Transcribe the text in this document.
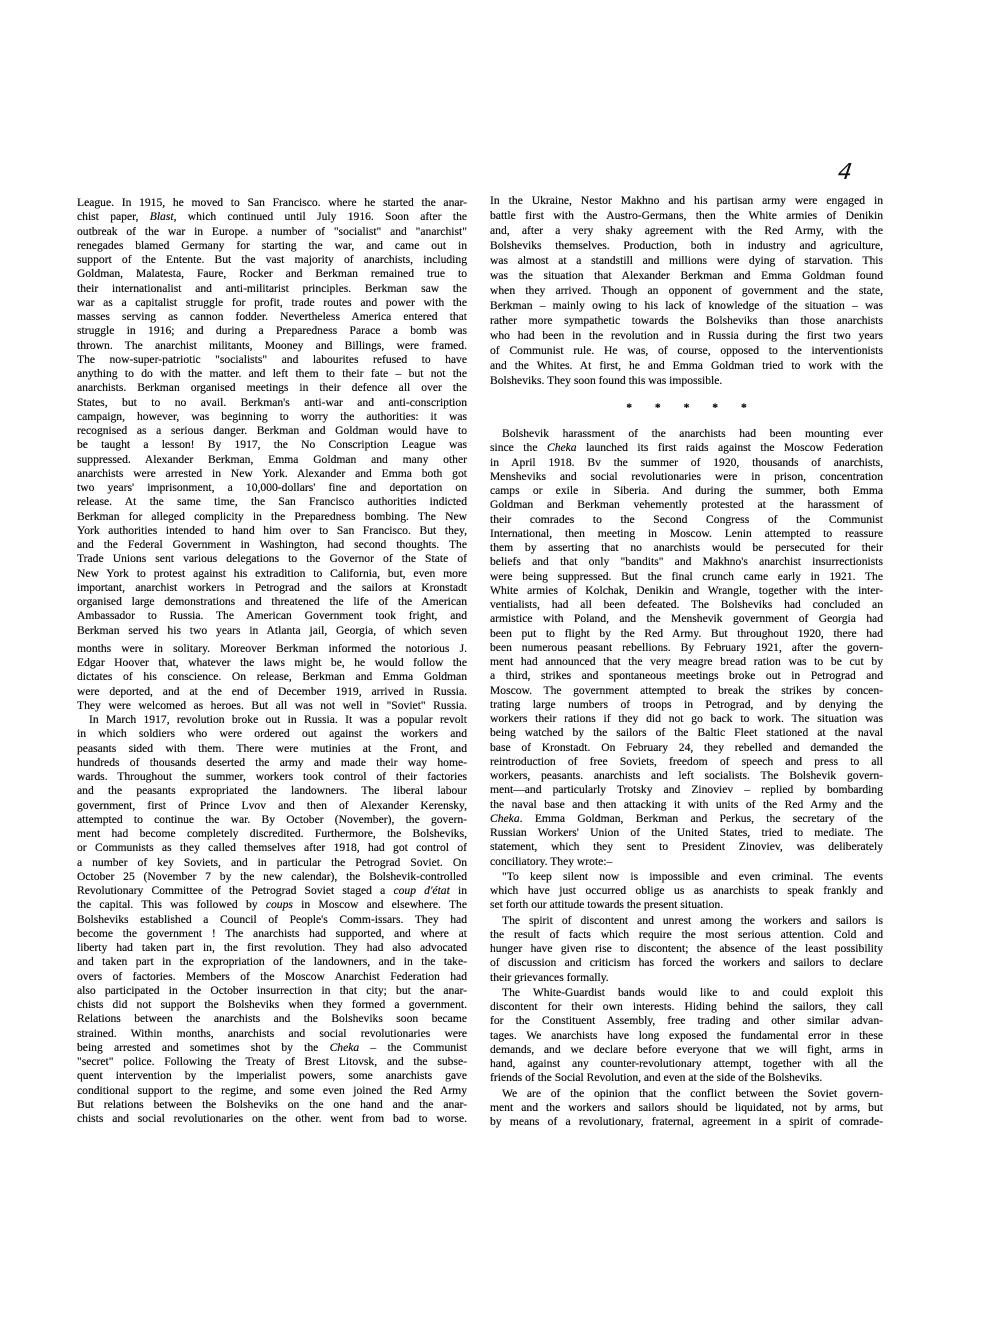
4
League. In 1915, he moved to San Francisco. where he started the anar-
chist paper, Blast, which continued until July 1916. Soon after the
outbreak of the war in Europe. a number of "socialist" and "anarchist"
renegades blamed Germany for starting the war, and came out in
support of the Entente. But the vast majority of anarchists, including
Goldman, Malatesta, Faure, Rocker and Berkman remained true to
their internationalist and anti-militarist principles. Berkman saw the
war as a capitalist struggle for profit, trade routes and power with the
masses serving as cannon fodder. Nevertheless America entered that
struggle in 1916; and during a Preparedness Parace a bomb was
thrown. The anarchist militants, Mooney and Billings, were framed.
The now-super-patriotic "socialists" and labourites refused to have
anything to do with the matter. and left them to their fate – but not the
anarchists. Berkman organised meetings in their defence all over the
States, but to no avail. Berkman's anti-war and anti-conscription
campaign, however, was beginning to worry the authorities: it was
recognised as a serious danger. Berkman and Goldman would have to
be taught a lesson! By 1917, the No Conscription League was
suppressed. Alexander Berkman, Emma Goldman and many other
anarchists were arrested in New York. Alexander and Emma both got
two years' imprisonment, a 10,000-dollars' fine and deportation on
release. At the same time, the San Francisco authorities indicted
Berkman for alleged complicity in the Preparedness bombing. The New
York authorities intended to hand him over to San Francisco. But they,
and the Federal Government in Washington, had second thoughts. The
Trade Unions sent various delegations to the Governor of the State of
New York to protest against his extradition to California, but, even more
important, anarchist workers in Petrograd and the sailors at Kronstadt
organised large demonstrations and threatened the life of the American
Ambassador to Russia. The American Government took fright, and
Berkman served his two years in Atlanta jail, Georgia, of which seven
months were in solitary. Moreover Berkman informed the notorious J.
Edgar Hoover that, whatever the laws might be, he would follow the
dictates of his conscience. On release, Berkman and Emma Goldman
were deported, and at the end of December 1919, arrived in Russia.
They were welcomed as heroes. But all was not well in "Soviet" Russia.
In March 1917, revolution broke out in Russia. It was a popular revolt
in which soldiers who were ordered out against the workers and
peasants sided with them. There were mutinies at the Front, and
hundreds of thousands deserted the army and made their way home-
wards. Throughout the summer, workers took control of their factories
and the peasants expropriated the landowners. The liberal labour
government, first of Prince Lvov and then of Alexander Kerensky,
attempted to continue the war. By October (November), the govern-
ment had become completely discredited. Furthermore, the Bolsheviks,
or Communists as they called themselves after 1918, had got control of
a number of key Soviets, and in particular the Petrograd Soviet. On
October 25 (November 7 by the new calendar), the Bolshevik-controlled
Revolutionary Committee of the Petrograd Soviet staged a coup d'état in
the capital. This was followed by coups in Moscow and elsewhere. The
Bolsheviks established a Council of People's Comm-issars. They had
become the government ! The anarchists had supported, and where at
liberty had taken part in, the first revolution. They had also advocated
and taken part in the expropriation of the landowners, and in the take-
overs of factories. Members of the Moscow Anarchist Federation had
also participated in the October insurrection in that city; but the anar-
chists did not support the Bolsheviks when they formed a government.
Relations between the anarchists and the Bolsheviks soon became
strained. Within months, anarchists and social revolutionaries were
being arrested and sometimes shot by the Cheka – the Communist
"secret" police. Following the Treaty of Brest Litovsk, and the subse-
quent intervention by the imperialist powers, some anarchists gave
conditional support to the regime, and some even joined the Red Army
But relations between the Bolsheviks on the one hand and the anar-
chists and social revolutionaries on the other. went from bad to worse.
In the Ukraine, Nestor Makhno and his partisan army were engaged in
battle first with the Austro-Germans, then the White armies of Denikin
and, after a very shaky agreement with the Red Army, with the
Bolsheviks themselves. Production, both in industry and agriculture,
was almost at a standstill and millions were dying of starvation. This
was the situation that Alexander Berkman and Emma Goldman found
when they arrived. Though an opponent of government and the state,
Berkman – mainly owing to his lack of knowledge of the situation – was
rather more sympathetic towards the Bolsheviks than those anarchists
who had been in the revolution and in Russia during the first two years
of Communist rule. He was, of course, opposed to the interventionists
and the Whites. At first, he and Emma Goldman tried to work with the
Bolsheviks. They soon found this was impossible.
* * * * *
Bolshevik harassment of the anarchists had been mounting ever
since the Cheka launched its first raids against the Moscow Federation
in April 1918. Bv the summer of 1920, thousands of anarchists,
Mensheviks and social revolutionaries were in prison, concentration
camps or exile in Siberia. And during the summer, both Emma
Goldman and Berkman vehemently protested at the harassment of
their comrades to the Second Congress of the Communist
International, then meeting in Moscow. Lenin attempted to reassure
them by asserting that no anarchists would be persecuted for their
beliefs and that only "bandits" and Makhno's anarchist insurrectionists
were being suppressed. But the final crunch came early in 1921. The
White armies of Kolchak, Denikin and Wrangle, together with the inter-
ventialists, had all been defeated. The Bolsheviks had concluded an
armistice with Poland, and the Menshevik government of Georgia had
been put to flight by the Red Army. But throughout 1920, there had
been numerous peasant rebellions. By February 1921, after the govern-
ment had announced that the very meagre bread ration was to be cut by
a third, strikes and spontaneous meetings broke out in Petrograd and
Moscow. The government attempted to break the strikes by concen-
trating large numbers of troops in Petrograd, and by denying the
workers their rations if they did not go back to work. The situation was
being watched by the sailors of the Baltic Fleet stationed at the naval
base of Kronstadt. On February 24, they rebelled and demanded the
reintroduction of free Soviets, freedom of speech and press to all
workers, peasants. anarchists and left socialists. The Bolshevik govern-
ment—and particularly Trotsky and Zinoviev – replied by bombarding
the naval base and then attacking it with units of the Red Army and the
Cheka. Emma Goldman, Berkman and Perkus, the secretary of the
Russian Workers' Union of the United States, tried to mediate. The
statement, which they sent to President Zinoviev, was deliberately
conciliatory. They wrote:–
"To keep silent now is impossible and even criminal. The events
which have just occurred oblige us as anarchists to speak frankly and
set forth our attitude towards the present situation.
The spirit of discontent and unrest among the workers and sailors is
the result of facts which require the most serious attention. Cold and
hunger have given rise to discontent; the absence of the least possibility
of discussion and criticism has forced the workers and sailors to declare
their grievances formally.
The White-Guardist bands would like to and could exploit this
discontent for their own interests. Hiding behind the sailors, they call
for the Constituent Assembly, free trading and other similar advan-
tages. We anarchists have long exposed the fundamental error in these
demands, and we declare before everyone that we will fight, arms in
hand, against any counter-revolutionary attempt, together with all the
friends of the Social Revolution, and even at the side of the Bolsheviks.
We are of the opinion that the conflict between the Soviet govern-
ment and the workers and sailors should be liquidated, not by arms, but
by means of a revolutionary, fraternal, agreement in a spirit of comrade-
